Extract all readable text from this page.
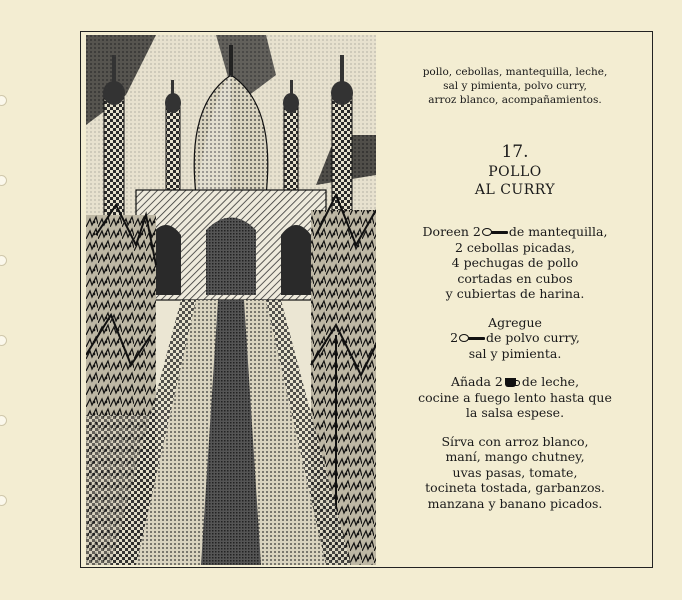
pollo, cebollas, mantequilla, leche,
sal y pimienta, polvo curry,
arroz blanco, acompañamientos.
17.
POLLO
AL CURRY
Doreen 2 de mantequilla,
2 cebollas picadas,
4 pechugas de pollo
cortadas en cubos
y cubiertas de harina.
Agregue
2 de polvo curry,
sal y pimienta.
Añada 2 de leche,
cocine a fuego lento hasta que
la salsa espese.
Sírva con arroz blanco,
maní, mango chutney,
uvas pasas, tomate,
tocineta tostada, garbanzos.
manzana y banano picados.
